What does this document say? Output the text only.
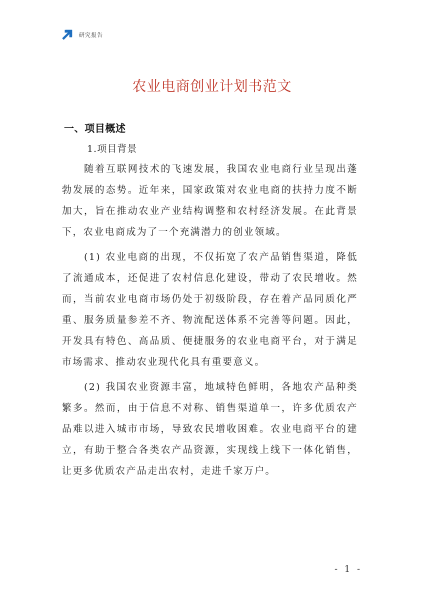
研究报告
农业电商创业计划书范文
一、项目概述
1.项目背景

随着互联网技术的飞速发展，我国农业电商行业呈现出蓬勃发展的态势。近年来，国家政策对农业电商的扶持力度不断加大，旨在推动农业产业结构调整和农村经济发展。在此背景下，农业电商成为了一个充满潜力的创业领域。

(1) 农业电商的出现，不仅拓宽了农产品销售渠道，降低了流通成本，还促进了农村信息化建设，带动了农民增收。然而，当前农业电商市场仍处于初级阶段，存在着产品同质化严重、服务质量参差不齐、物流配送体系不完善等问题。因此，开发具有特色、高品质、便捷服务的农业电商平台，对于满足市场需求、推动农业现代化具有重要意义。

(2) 我国农业资源丰富，地域特色鲜明，各地农产品种类繁多。然而，由于信息不对称、销售渠道单一，许多优质农产品难以进入城市市场，导致农民增收困难。农业电商平台的建立，有助于整合各类农产品资源，实现线上线下一体化销售，让更多优质农产品走出农村，走进千家万户。

- 1 -
